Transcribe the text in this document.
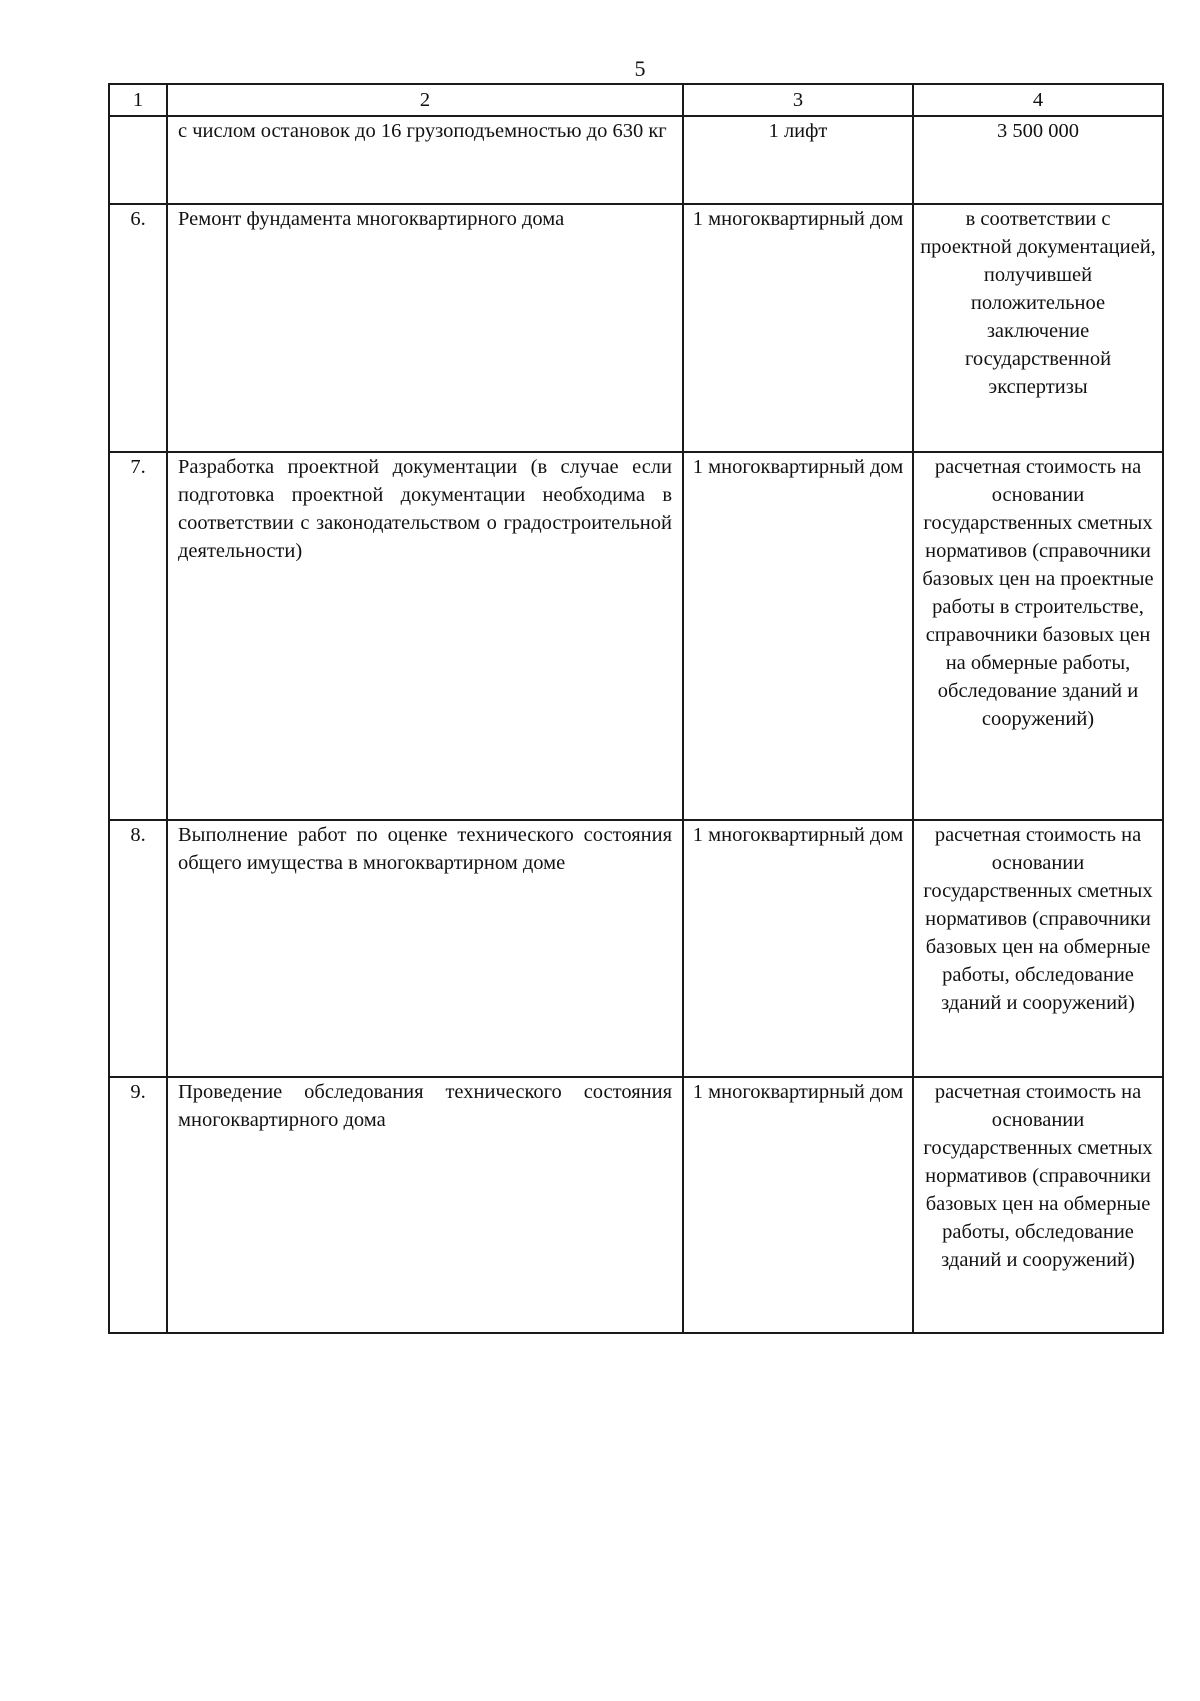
5
1	2	3	4
	с числом остановок до 16 грузоподъемностью до 630 кг	1 лифт	3 500 000
6.	Ремонт фундамента многоквартирного дома	1 многоквартирный дом	в соответствии с проектной документацией, получившей положительное заключение государственной экспертизы
7.	Разработка проектной документации (в случае если подготовка проектной документации необходима в соответствии с законодательством о градостроительной деятельности)	1 многоквартирный дом	расчетная стоимость на основании государственных сметных нормативов (справочники базовых цен на проектные работы в строительстве, справочники базовых цен на обмерные работы, обследование зданий и сооружений)
8.	Выполнение работ по оценке технического состояния общего имущества в многоквартирном доме	1 многоквартирный дом	расчетная стоимость на основании государственных сметных нормативов (справочники базовых цен на обмерные работы, обследование зданий и сооружений)
9.	Проведение обследования технического состояния многоквартирного дома	1 многоквартирный дом	расчетная стоимость на основании государственных сметных нормативов (справочники базовых цен на обмерные работы, обследование зданий и сооружений)
